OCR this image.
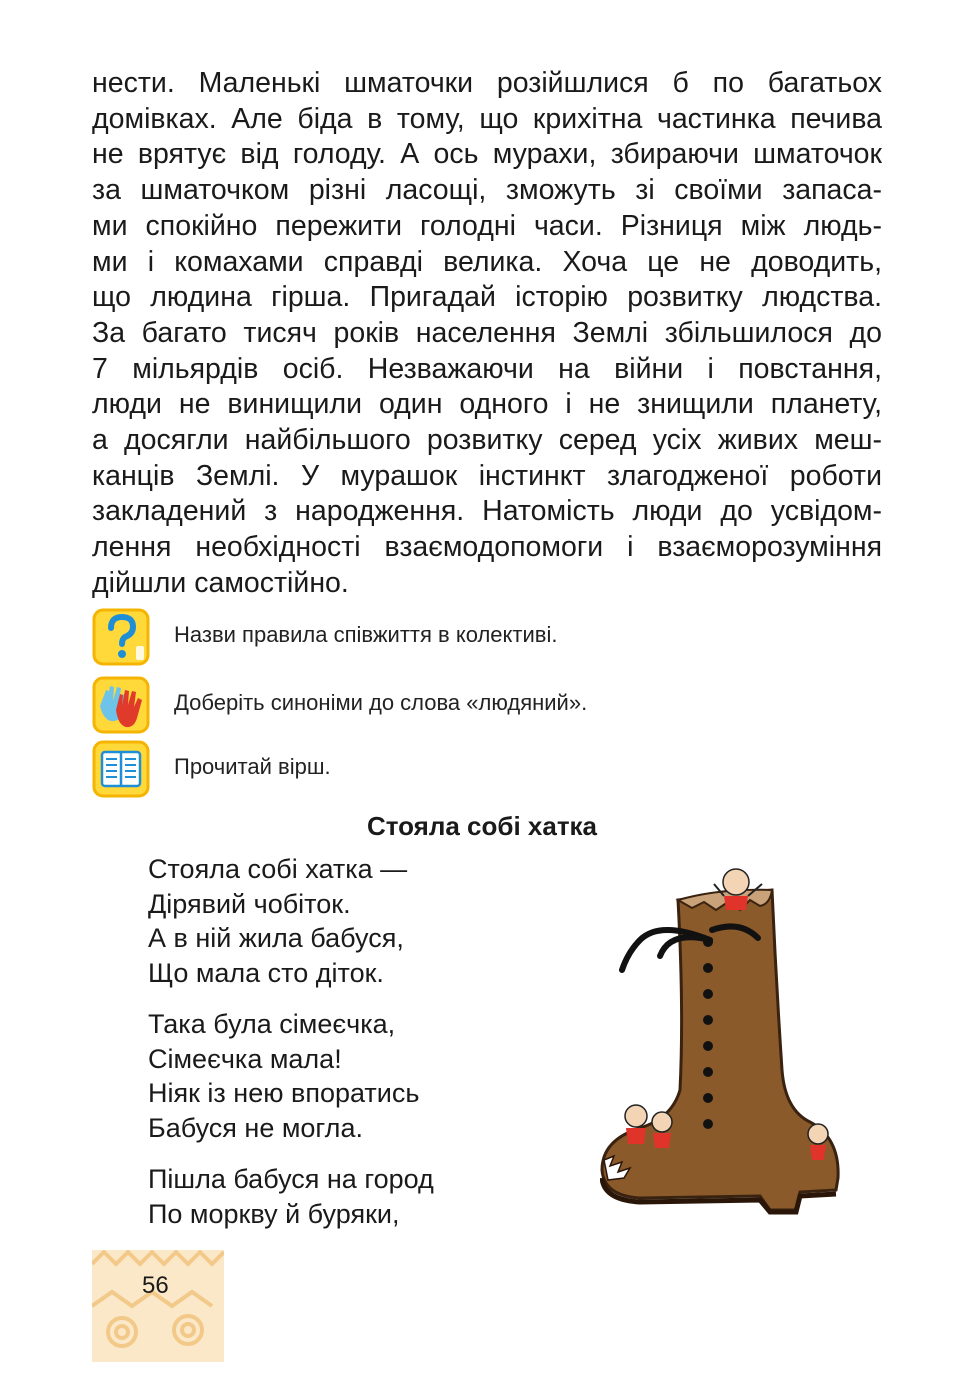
нести. Маленькі шматочки розійшлися б по багатьох
домівках. Але біда в тому, що крихітна частинка печива
не врятує від голоду. А ось мурахи, збираючи шматочок
за шматочком різні ласощі, зможуть зі своїми запаса-
ми спокійно пережити голодні часи. Різниця між людь-
ми і комахами справді велика. Хоча це не доводить,
що людина гірша. Пригадай історію розвитку людства.
За багато тисяч років населення Землі збільшилося до
7 мільярдів осіб. Незважаючи на війни і повстання,
люди не винищили один одного і не знищили планету,
а досягли найбільшого розвитку серед усіх живих меш-
канців Землі. У мурашок інстинкт злагодженої роботи
закладений з народження. Натомість люди до усвідом-
лення необхідності взаємодопомоги і взаєморозуміння
дійшли самостійно.
Назви правила співжиття в колективі.
Доберіть синоніми до слова «людяний».
Прочитай вірш.
Стояла собі хатка
Стояла собі хатка —
Дірявий чобіток.
А в ній жила бабуся,
Що мала сто діток.
Така була сімеєчка,
Сімеєчка мала!
Ніяк із нею впоратись
Бабуся не могла.
Пішла бабуся на город
По моркву й буряки,
56
